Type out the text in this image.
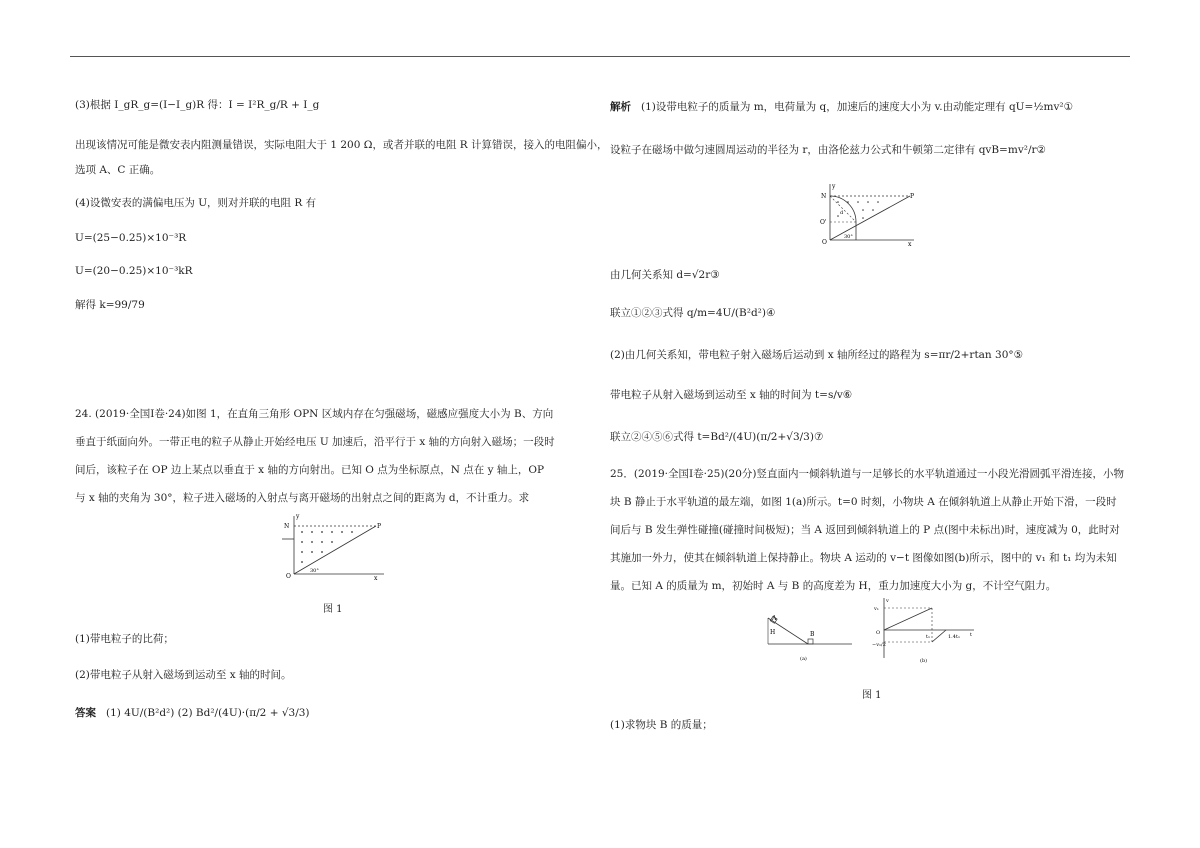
(3)根据 I_gR_g=(I−I_g)R 得：I = I²R_g/R + I_g
出现该情况可能是微安表内阻测量错误，实际电阻大于 1 200 Ω，或者并联的电阻 R 计算错误，接入的电阻偏小，
选项 A、C 正确。
(4)设微安表的满偏电压为 U，则对并联的电阻 R 有
U=(25−0.25)×10⁻³R
U=(20−0.25)×10⁻³kR
解得 k=99/79
24. (2019·全国Ⅰ卷·24)如图 1，在直角三角形 OPN 区域内存在匀强磁场，磁感应强度大小为 B、方向垂直于纸面向外。一带正电的粒子从静止开始经电压 U 加速后，沿平行于 x 轴的方向射入磁场；一段时间后，该粒子在 OP 边上某点以垂直于 x 轴的方向射出。已知 O 点为坐标原点，N 点在 y 轴上，OP 与 x 轴的夹角为 30°，粒子进入磁场的入射点与离开磁场的出射点之间的距离为 d，不计重力。求
y
N	P
O	x
30°
图 1
(1)带电粒子的比荷；
(2)带电粒子从射入磁场到运动至 x 轴的时间。
答案 (1) 4U/(B²d²) (2) Bd²/(4U)·(π/2 + √3/3)
解析 (1)设带电粒子的质量为 m，电荷量为 q，加速后的速度大小为 v.由动能定理有 qU=½mv²①
设粒子在磁场中做匀速圆周运动的半径为 r，由洛伦兹力公式和牛顿第二定律有 qvB=mv²/r②
y
N	P
O'
O	x
d
30°
由几何关系知 d=√2r③
联立①②③式得 q/m=4U/(B²d²)④
(2)由几何关系知，带电粒子射入磁场后运动到 x 轴所经过的路程为 s=πr/2+rtan 30°⑤
带电粒子从射入磁场到运动至 x 轴的时间为 t=s/v⑥
联立②④⑤⑥式得 t=Bd²/(4U)(π/2+√3/3)⑦
25．(2019·全国Ⅰ卷·25)(20分)竖直面内一倾斜轨道与一足够长的水平轨道通过一小段光滑圆弧平滑连接，小物块 B 静止于水平轨道的最左端，如图 1(a)所示。t=0 时刻，小物块 A 在倾斜轨道上从静止开始下滑，一段时间后与 B 发生弹性碰撞(碰撞时间极短)；当 A 返回到倾斜轨道上的 P 点(图中未标出)时，速度减为 0，此时对其施加一外力，使其在倾斜轨道上保持静止。物块 A 运动的 v−t 图像如图(b)所示，图中的 v₁ 和 t₁ 均为未知量。已知 A 的质量为 m，初始时 A 与 B 的高度差为 H，重力加速度大小为 g，不计空气阻力。
A
B
H
(a)
v
t
v₁
t₁	1.4t₁
−v₁/2
O
(b)
图 1
(1)求物块 B 的质量；
